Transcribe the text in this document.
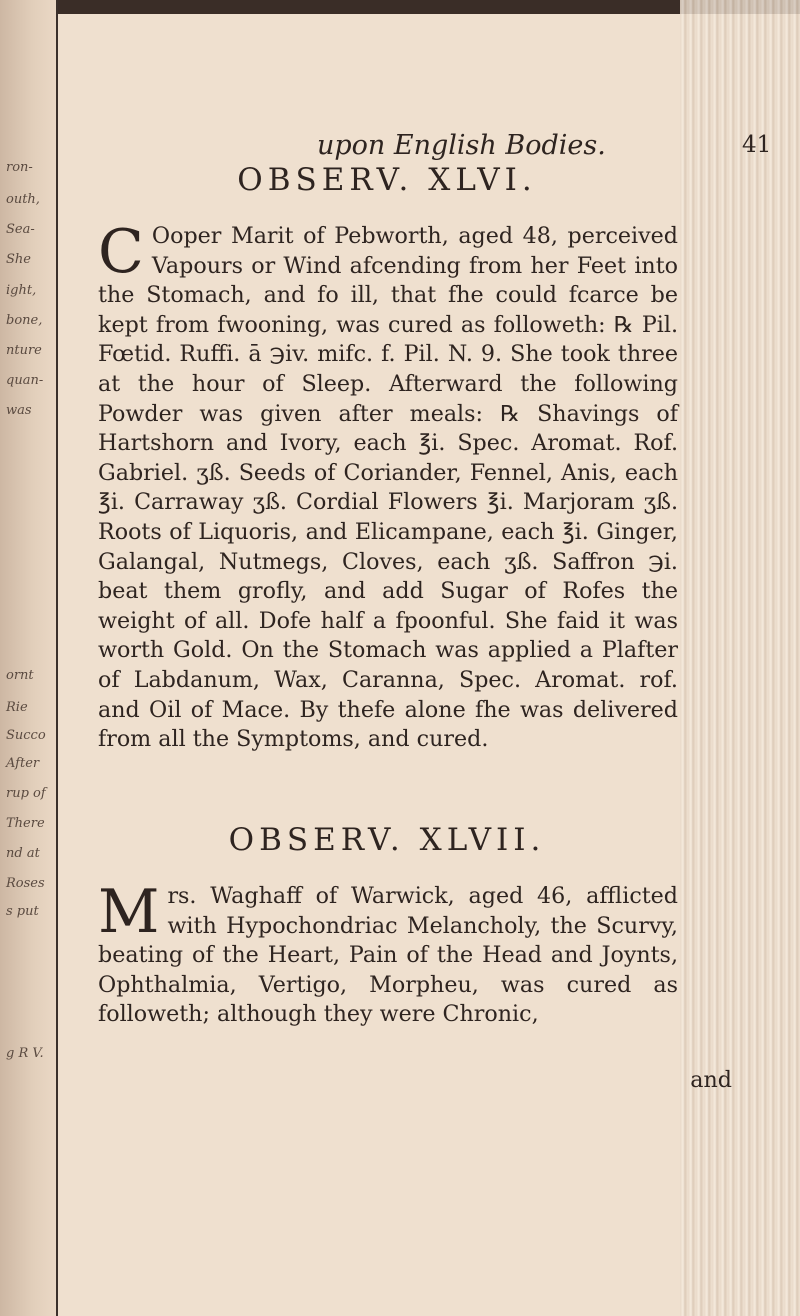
ron-
outh,
Sea-
She
ight,
bone,
nture
quan-
was
ornt
Rie
Succo
After
rup of
There
nd at
Roses
s put
g R V.
upon English Bodies.	41
OBSERV. XLVI.
C Ooper Marit of Pebworth, aged 48, perceived Vapours or Wind afcending from her Feet into the Stomach, and fo ill, that fhe could fcarce be kept from fwooning, was cured as followeth: ℞ Pil. Fœtid. Ruffi. ā ℈iv. mifc. f. Pil. N. 9. She took three at the hour of Sleep. Afterward the following Powder was given after meals: ℞ Shavings of Hartshorn and Ivory, each ℥i. Spec. Aromat. Rof. Gabriel. ʒß. Seeds of Coriander, Fennel, Anis, each ℥i. Carraway ʒß. Cordial Flowers ℥i. Marjoram ʒß. Roots of Liquoris, and Elicampane, each ℥i. Ginger, Galangal, Nutmegs, Cloves, each ʒß. Saffron ℈i. beat them grofly, and add Sugar of Rofes the weight of all. Dofe half a fpoonful. She faid it was worth Gold. On the Stomach was applied a Plafter of Labdanum, Wax, Caranna, Spec. Aromat. rof. and Oil of Mace. By thefe alone fhe was delivered from all the Symptoms, and cured.

OBSERV. XLVII.
M rs. Waghaff of Warwick, aged 46, afflicted with Hypochondriac Melancholy, the Scurvy, beating of the Heart, Pain of the Head and Joynts, Ophthalmia, Vertigo, Morpheu, was cured as followeth; although they were Chronic,

and
